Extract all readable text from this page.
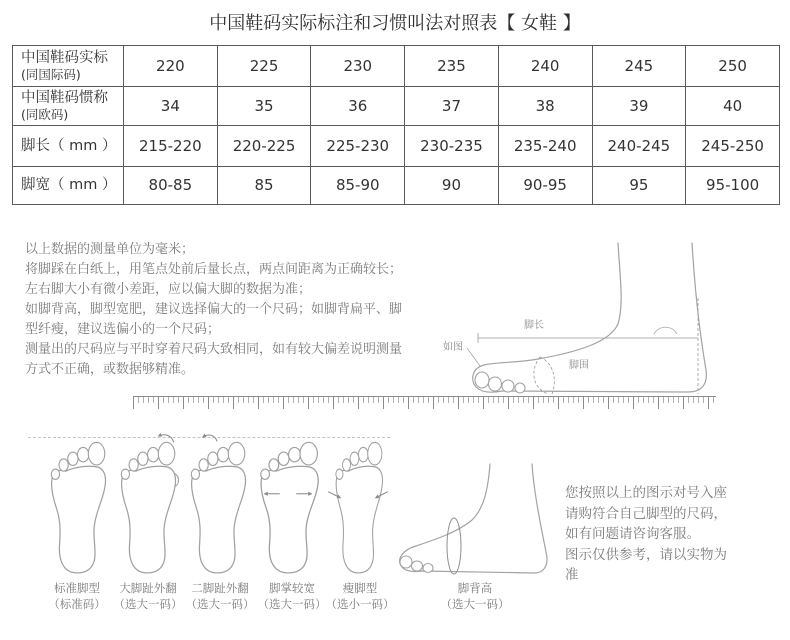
中国鞋码实际标注和习惯叫法对照表【 女鞋 】
中国鞋码实标
(同国际码)	220	225	230	235	240	245	250

中国鞋码惯称
(同欧码)	34	35	36	37	38	39	40

脚长（ mm ）	215-220	220-225	225-230	230-235	235-240	240-245	245-250

脚宽（ mm ）	80-85	85	85-90	90	90-95	95	95-100
以上数据的测量单位为毫米；
将脚踩在白纸上，用笔点处前后量长点，两点间距离为正确较长；
左右脚大小有微小差距，应以偏大脚的数据为准；
如脚背高，脚型宽肥，建议选择偏大的一个尺码；如脚背扁平、脚
型纤瘦，建议选偏小的一个尺码；
测量出的尺码应与平时穿着尺码大致相同，如有较大偏差说明测量
方式不正确，或数据够精准。
脚长
脚围
如图
标准脚型
（标准码）
大脚趾外翻
（选大一码）
二脚趾外翻
（选大一码）
脚掌较宽
（选大一码）
瘦脚型
（选小一码）
脚背高
（选大一码）
您按照以上的图示对号入座
请购符合自己脚型的尺码，
如有问题请咨询客服。
图示仅供参考，请以实物为
准
